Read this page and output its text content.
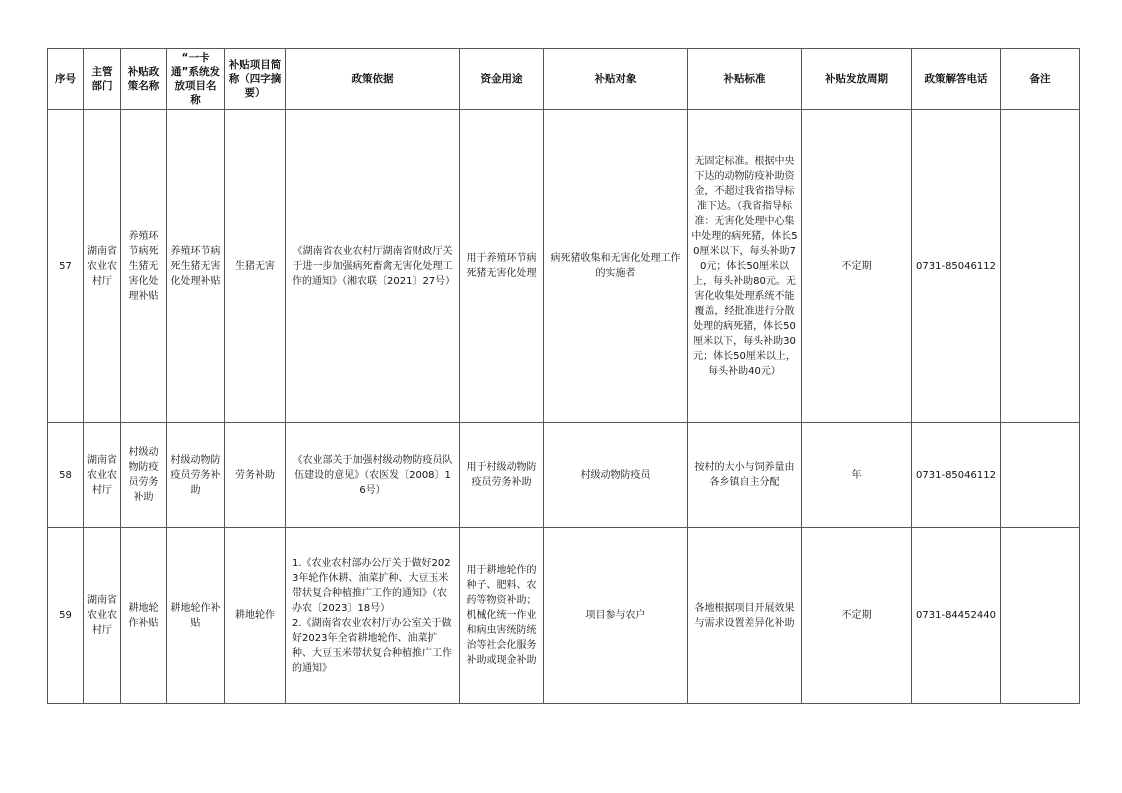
序号	主管部门	补贴政策名称	“一卡通”系统发放项目名称	补贴项目简称（四字摘要）	政策依据	资金用途	补贴对象	补贴标准	补贴发放周期	政策解答电话	备注
57	湖南省农业农村厅	养殖环节病死生猪无害化处理补贴	养殖环节病死生猪无害化处理补贴	生猪无害	《湖南省农业农村厅湖南省财政厅关于进一步加强病死畜禽无害化处理工作的通知》（湘农联〔2021〕27号）	用于养殖环节病死猪无害化处理	病死猪收集和无害化处理工作的实施者	无固定标准。根据中央下达的动物防疫补助资金，不超过我省指导标准下达。（我省指导标准：无害化处理中心集中处理的病死猪，体长50厘米以下，每头补助70元；体长50厘米以上，每头补助80元。无害化收集处理系统不能覆盖，经批准进行分散处理的病死猪，体长50厘米以下，每头补助30元；体长50厘米以上，每头补助40元）	不定期	0731-85046112	
58	湖南省农业农村厅	村级动物防疫员劳务补助	村级动物防疫员劳务补助	劳务补助	《农业部关于加强村级动物防疫员队伍建设的意见》（农医发〔2008〕16号）	用于村级动物防疫员劳务补助	村级动物防疫员	按村的大小与饲养量由各乡镇自主分配	年	0731-85046112	
59	湖南省农业农村厅	耕地轮作补贴	耕地轮作补贴	耕地轮作	1.《农业农村部办公厅关于做好2023年轮作休耕、油菜扩种、大豆玉米带状复合种植推广工作的通知》（农办农〔2023〕18号）
2.《湖南省农业农村厅办公室关于做好2023年全省耕地轮作、油菜扩种、大豆玉米带状复合种植推广工作的通知》	用于耕地轮作的种子、肥料、农药等物资补助；机械化统一作业和病虫害统防统治等社会化服务补助或现金补助	项目参与农户	各地根据项目开展效果与需求设置差异化补助	不定期	0731-84452440	
